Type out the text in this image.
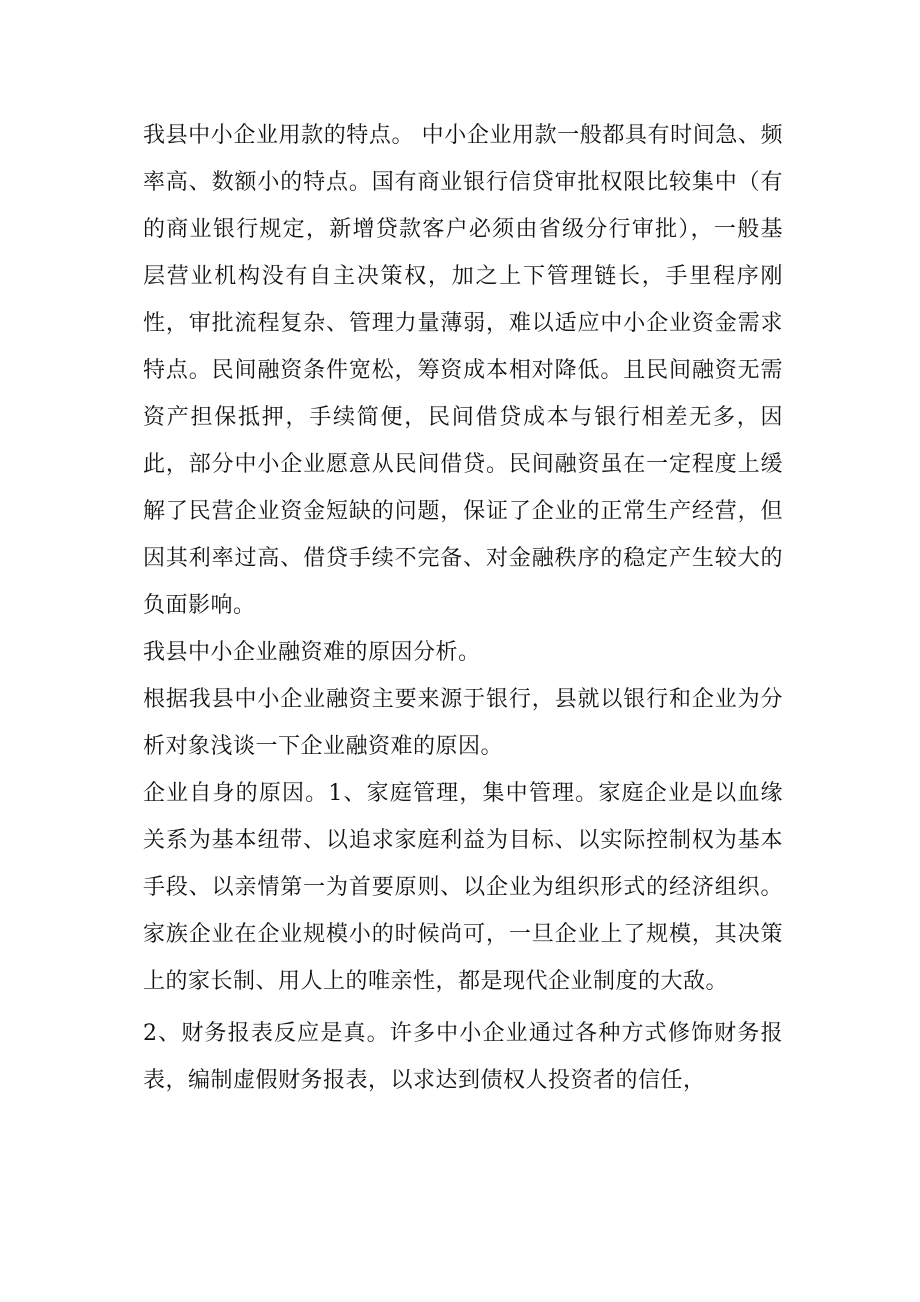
我县中小企业用款的特点。 中小企业用款一般都具有时间急、频率高、数额小的特点。国有商业银行信贷审批权限比较集中（有的商业银行规定，新增贷款客户必须由省级分行审批），一般基层营业机构没有自主决策权，加之上下管理链长，手里程序刚性，审批流程复杂、管理力量薄弱，难以适应中小企业资金需求特点。民间融资条件宽松，筹资成本相对降低。且民间融资无需资产担保抵押，手续简便，民间借贷成本与银行相差无多，因此，部分中小企业愿意从民间借贷。民间融资虽在一定程度上缓解了民营企业资金短缺的问题，保证了企业的正常生产经营，但因其利率过高、借贷手续不完备、对金融秩序的稳定产生较大的负面影响。

我县中小企业融资难的原因分析。

根据我县中小企业融资主要来源于银行，县就以银行和企业为分析对象浅谈一下企业融资难的原因。

企业自身的原因。1、家庭管理，集中管理。家庭企业是以血缘关系为基本纽带、以追求家庭利益为目标、以实际控制权为基本手段、以亲情第一为首要原则、以企业为组织形式的经济组织。家族企业在企业规模小的时候尚可，一旦企业上了规模，其决策上的家长制、用人上的唯亲性，都是现代企业制度的大敌。

2、财务报表反应是真。许多中小企业通过各种方式修饰财务报表，编制虚假财务报表，以求达到债权人投资者的信任，
